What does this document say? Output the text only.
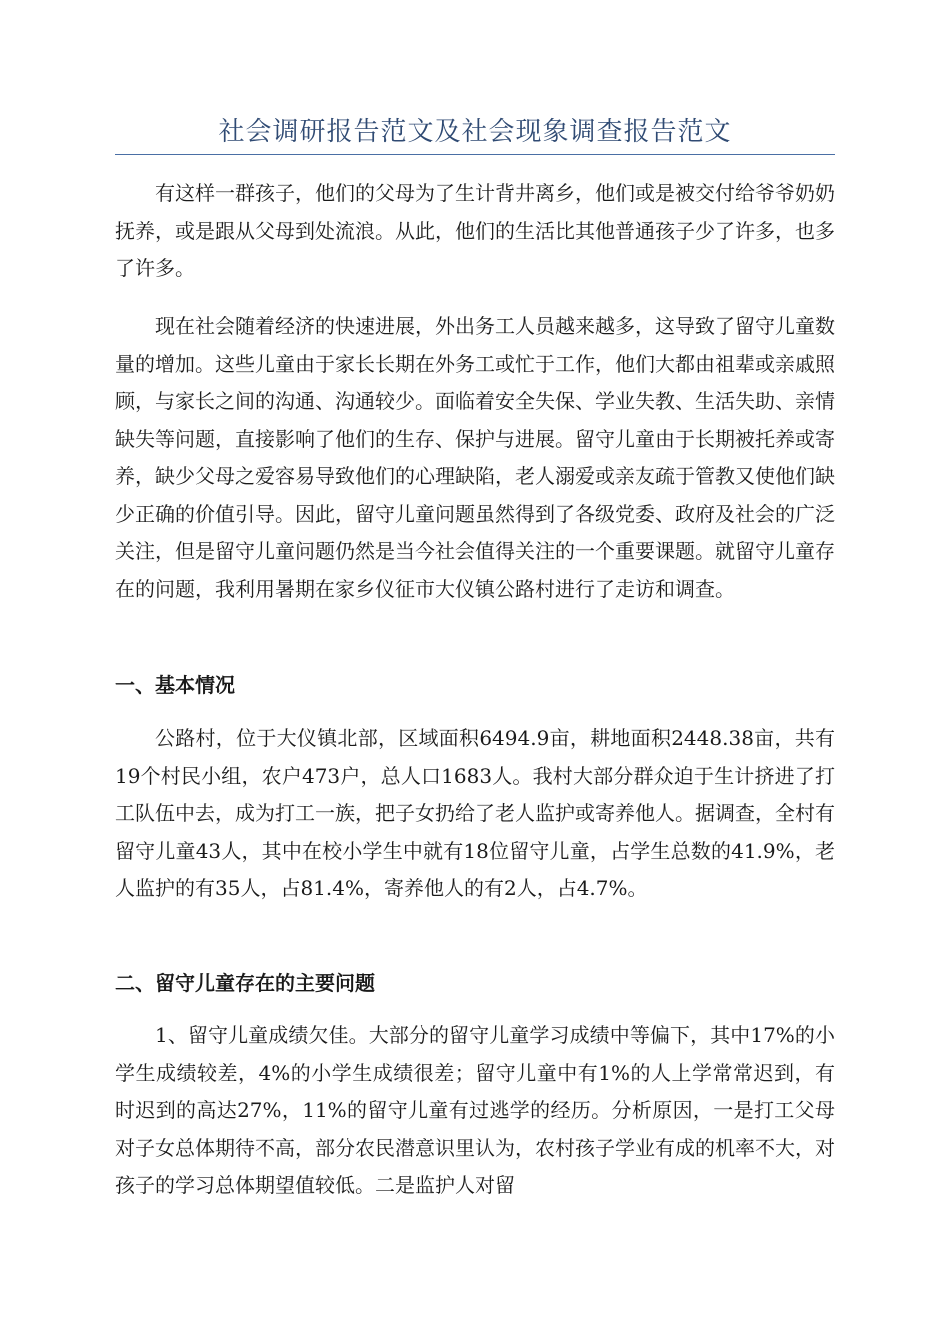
社会调研报告范文及社会现象调查报告范文

有这样一群孩子，他们的父母为了生计背井离乡，他们或是被交付给爷爷奶奶抚养，或是跟从父母到处流浪。从此，他们的生活比其他普通孩子少了许多，也多了许多。

现在社会随着经济的快速进展，外出务工人员越来越多，这导致了留守儿童数量的增加。这些儿童由于家长长期在外务工或忙于工作，他们大都由祖辈或亲戚照顾，与家长之间的沟通、沟通较少。面临着安全失保、学业失教、生活失助、亲情缺失等问题，直接影响了他们的生存、保护与进展。留守儿童由于长期被托养或寄养，缺少父母之爱容易导致他们的心理缺陷，老人溺爱或亲友疏于管教又使他们缺少正确的价值引导。因此，留守儿童问题虽然得到了各级党委、政府及社会的广泛关注，但是留守儿童问题仍然是当今社会值得关注的一个重要课题。就留守儿童存在的问题，我利用暑期在家乡仪征市大仪镇公路村进行了走访和调查。

一、基本情况

公路村，位于大仪镇北部，区域面积6494.9亩，耕地面积2448.38亩，共有19个村民小组，农户473户，总人口1683人。我村大部分群众迫于生计挤进了打工队伍中去，成为打工一族，把子女扔给了老人监护或寄养他人。据调查，全村有留守儿童43人，其中在校小学生中就有18位留守儿童，占学生总数的41.9%，老人监护的有35人，占81.4%，寄养他人的有2人，占4.7%。

二、留守儿童存在的主要问题

1、留守儿童成绩欠佳。大部分的留守儿童学习成绩中等偏下，其中17%的小学生成绩较差，4%的小学生成绩很差；留守儿童中有1%的人上学常常迟到，有时迟到的高达27%，11%的留守儿童有过逃学的经历。分析原因，一是打工父母对子女总体期待不高，部分农民潜意识里认为，农村孩子学业有成的机率不大，对孩子的学习总体期望值较低。二是监护人对留
